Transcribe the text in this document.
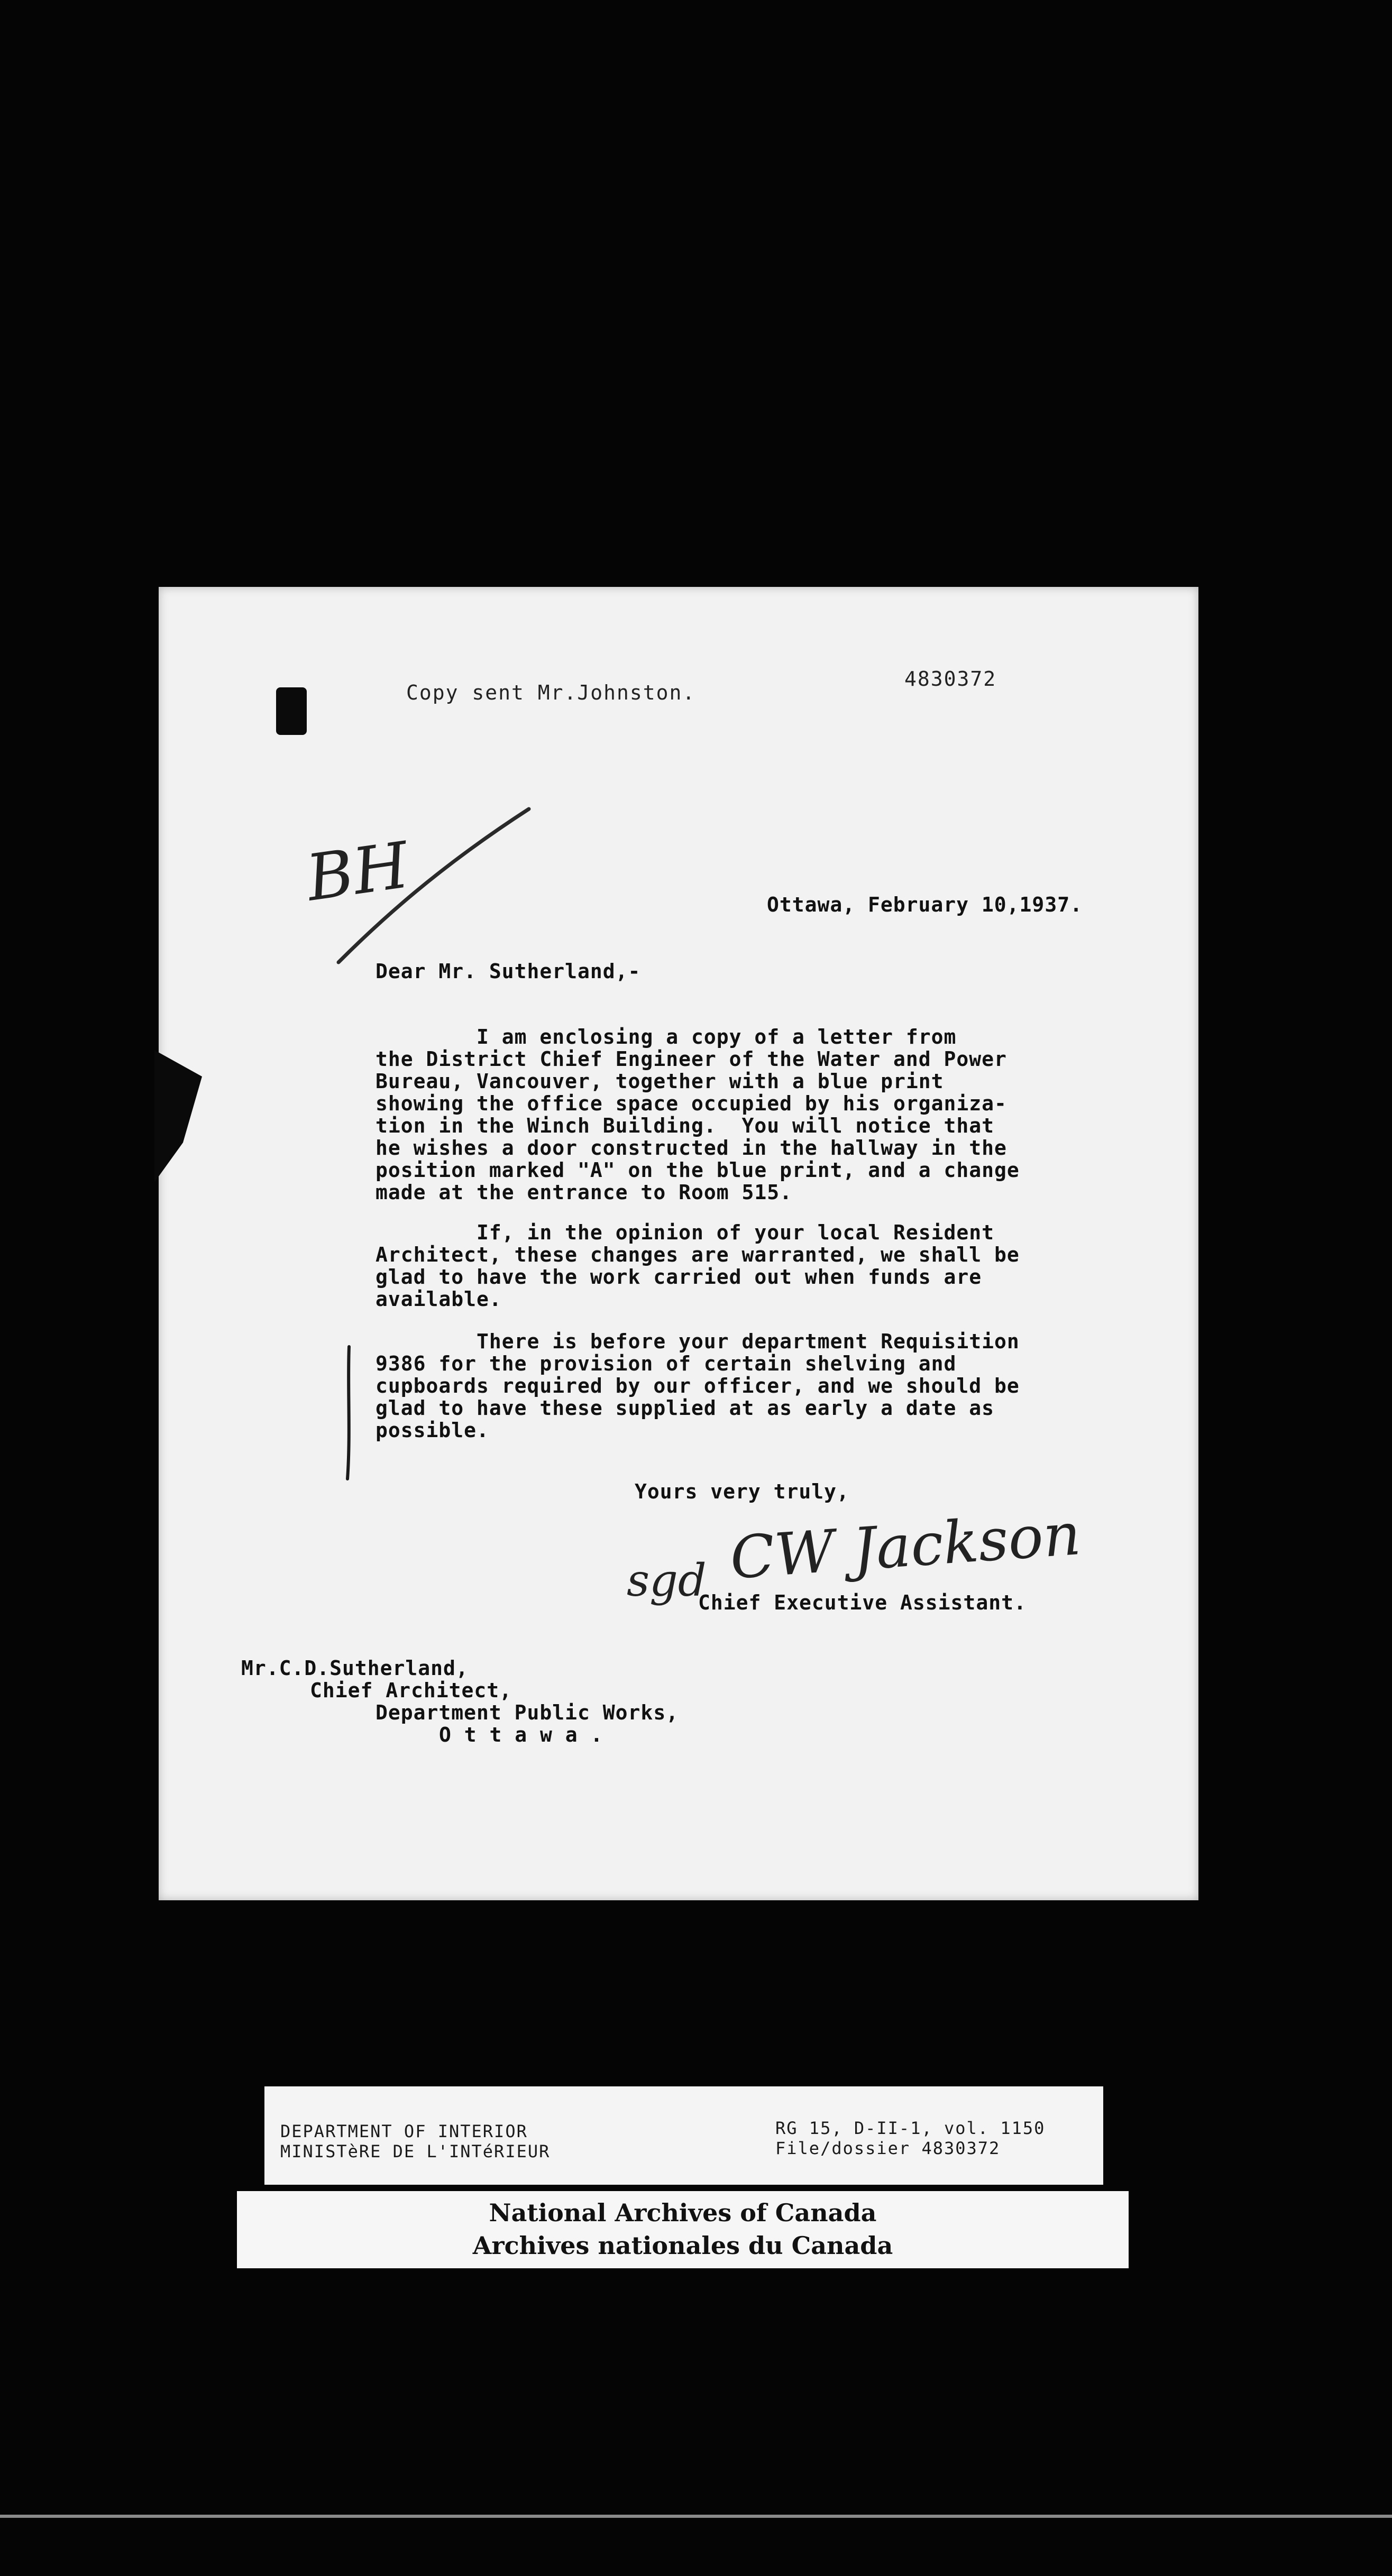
Copy sent Mr.Johnston.
4830372
BH	Ottawa, February 10,1937.
Dear Mr. Sutherland,-
I am enclosing a copy of a letter from
the District Chief Engineer of the Water and Power
Bureau, Vancouver, together with a blue print
showing the office space occupied by his organiza-
tion in the Winch Building.  You will notice that
he wishes a door constructed in the hallway in the
position marked "A" on the blue print, and a change
made at the entrance to Room 515.
If, in the opinion of your local Resident
Architect, these changes are warranted, we shall be
glad to have the work carried out when funds are
available.
There is before your department Requisition
9386 for the provision of certain shelving and
cupboards required by our officer, and we should be
glad to have these supplied at as early a date as
possible.
Yours very truly,
sgd CW Jackson
Chief Executive Assistant.
Mr.C.D.Sutherland,
Chief Architect,
Department Public Works,
O t t a w a .
DEPARTMENT OF INTERIOR
MINISTèRE DE L'INTéRIEUR
RG 15, D-II-1, vol. 1150
File/dossier 4830372
National Archives of Canada
Archives nationales du Canada
